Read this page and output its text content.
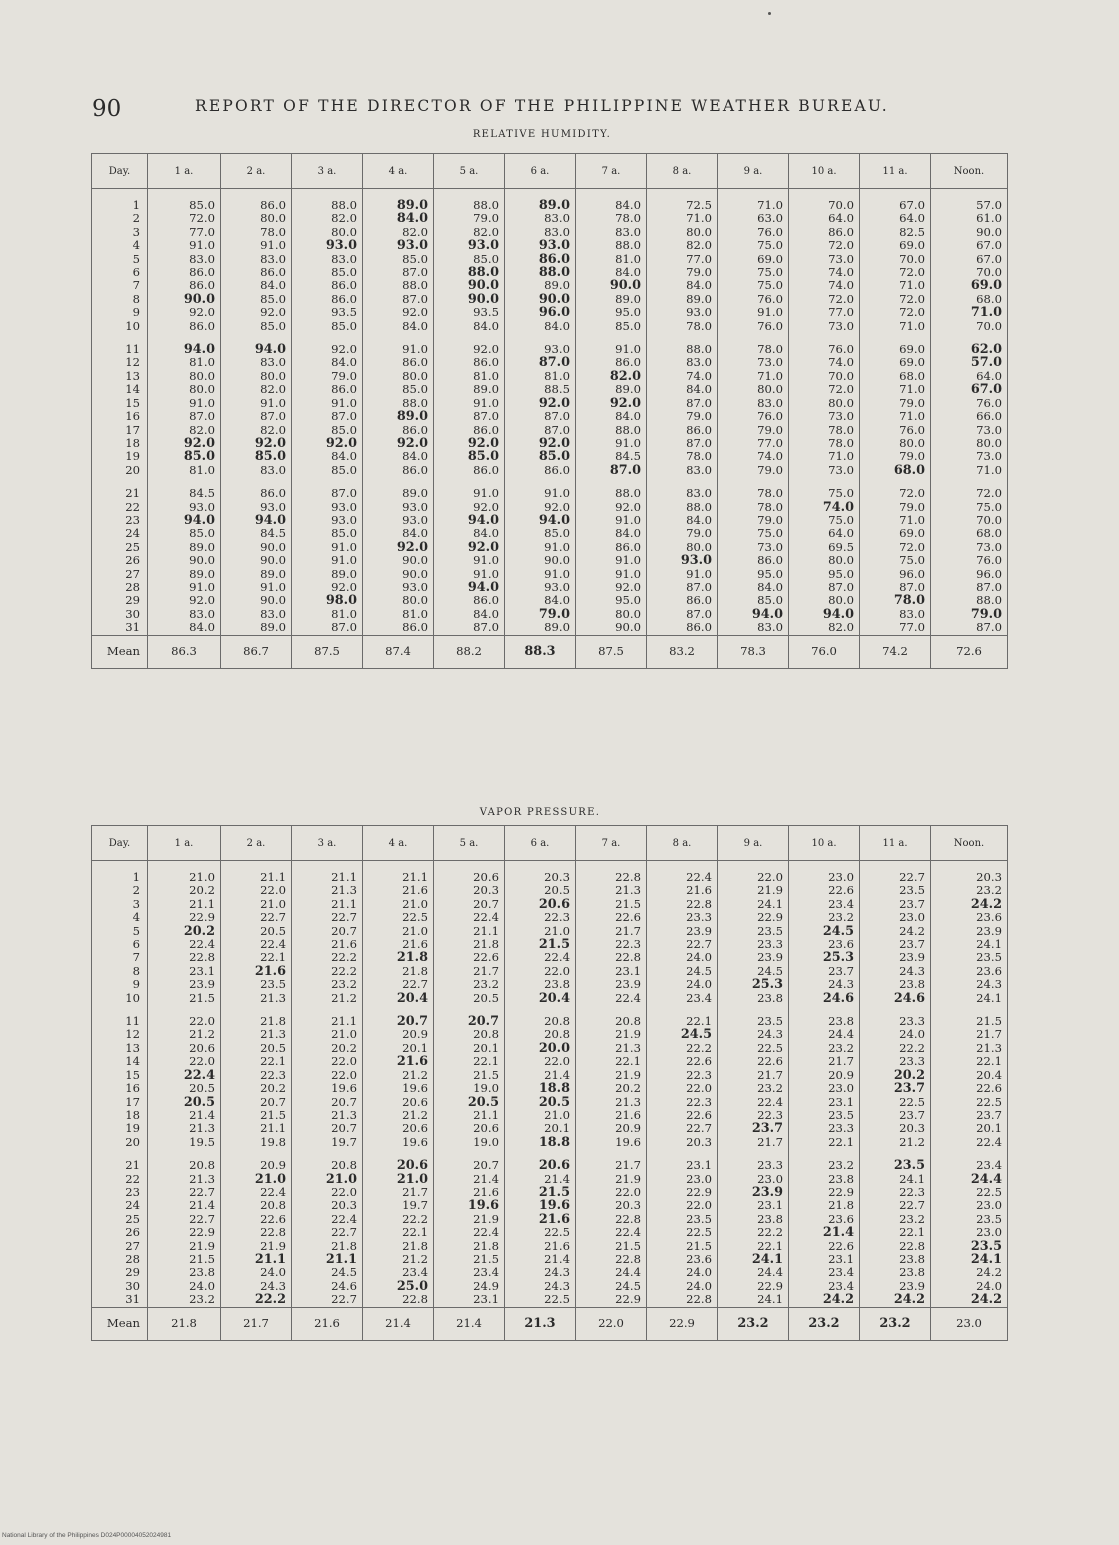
90	REPORT OF THE DIRECTOR OF THE PHILIPPINE WEATHER BUREAU.
RELATIVE HUMIDITY.
Day.	1 a.	2 a.	3 a.	4 a.	5 a.	6 a.	7 a.	8 a.	9 a.	10 a.	11 a.	Noon.
1	85.0	86.0	88.0	89.0	88.0	89.0	84.0	72.5	71.0	70.0	67.0	57.0
2	72.0	80.0	82.0	84.0	79.0	83.0	78.0	71.0	63.0	64.0	64.0	61.0
3	77.0	78.0	80.0	82.0	82.0	83.0	83.0	80.0	76.0	86.0	82.5	90.0
4	91.0	91.0	93.0	93.0	93.0	93.0	88.0	82.0	75.0	72.0	69.0	67.0
5	83.0	83.0	83.0	85.0	85.0	86.0	81.0	77.0	69.0	73.0	70.0	67.0
6	86.0	86.0	85.0	87.0	88.0	88.0	84.0	79.0	75.0	74.0	72.0	70.0
7	86.0	84.0	86.0	88.0	90.0	89.0	90.0	84.0	75.0	74.0	71.0	69.0
8	90.0	85.0	86.0	87.0	90.0	90.0	89.0	89.0	76.0	72.0	72.0	68.0
9	92.0	92.0	93.5	92.0	93.5	96.0	95.0	93.0	91.0	77.0	72.0	71.0
10	86.0	85.0	85.0	84.0	84.0	84.0	85.0	78.0	76.0	73.0	71.0	70.0
11	94.0	94.0	92.0	91.0	92.0	93.0	91.0	88.0	78.0	76.0	69.0	62.0
12	81.0	83.0	84.0	86.0	86.0	87.0	86.0	83.0	73.0	74.0	69.0	57.0
13	80.0	80.0	79.0	80.0	81.0	81.0	82.0	74.0	71.0	70.0	68.0	64.0
14	80.0	82.0	86.0	85.0	89.0	88.5	89.0	84.0	80.0	72.0	71.0	67.0
15	91.0	91.0	91.0	88.0	91.0	92.0	92.0	87.0	83.0	80.0	79.0	76.0
16	87.0	87.0	87.0	89.0	87.0	87.0	84.0	79.0	76.0	73.0	71.0	66.0
17	82.0	82.0	85.0	86.0	86.0	87.0	88.0	86.0	79.0	78.0	76.0	73.0
18	92.0	92.0	92.0	92.0	92.0	92.0	91.0	87.0	77.0	78.0	80.0	80.0
19	85.0	85.0	84.0	84.0	85.0	85.0	84.5	78.0	74.0	71.0	79.0	73.0
20	81.0	83.0	85.0	86.0	86.0	86.0	87.0	83.0	79.0	73.0	68.0	71.0
21	84.5	86.0	87.0	89.0	91.0	91.0	88.0	83.0	78.0	75.0	72.0	72.0
22	93.0	93.0	93.0	93.0	92.0	92.0	92.0	88.0	78.0	74.0	79.0	75.0
23	94.0	94.0	93.0	93.0	94.0	94.0	91.0	84.0	79.0	75.0	71.0	70.0
24	85.0	84.5	85.0	84.0	84.0	85.0	84.0	79.0	75.0	64.0	69.0	68.0
25	89.0	90.0	91.0	92.0	92.0	91.0	86.0	80.0	73.0	69.5	72.0	73.0
26	90.0	90.0	91.0	90.0	91.0	90.0	91.0	93.0	86.0	80.0	75.0	76.0
27	89.0	89.0	89.0	90.0	91.0	91.0	91.0	91.0	95.0	95.0	96.0	96.0
28	91.0	91.0	92.0	93.0	94.0	93.0	92.0	87.0	84.0	87.0	87.0	87.0
29	92.0	90.0	98.0	80.0	86.0	84.0	95.0	86.0	85.0	80.0	78.0	88.0
30	83.0	83.0	81.0	81.0	84.0	79.0	80.0	87.0	94.0	94.0	83.0	79.0
31	84.0	89.0	87.0	86.0	87.0	89.0	90.0	86.0	83.0	82.0	77.0	87.0
Mean	86.3	86.7	87.5	87.4	88.2	88.3	87.5	83.2	78.3	76.0	74.2	72.6
VAPOR PRESSURE.
Day.	1 a.	2 a.	3 a.	4 a.	5 a.	6 a.	7 a.	8 a.	9 a.	10 a.	11 a.	Noon.
1	21.0	21.1	21.1	21.1	20.6	20.3	22.8	22.4	22.0	23.0	22.7	20.3
2	20.2	22.0	21.3	21.6	20.3	20.5	21.3	21.6	21.9	22.6	23.5	23.2
3	21.1	21.0	21.1	21.0	20.7	20.6	21.5	22.8	24.1	23.4	23.7	24.2
4	22.9	22.7	22.7	22.5	22.4	22.3	22.6	23.3	22.9	23.2	23.0	23.6
5	20.2	20.5	20.7	21.0	21.1	21.0	21.7	23.9	23.5	24.5	24.2	23.9
6	22.4	22.4	21.6	21.6	21.8	21.5	22.3	22.7	23.3	23.6	23.7	24.1
7	22.8	22.1	22.2	21.8	22.6	22.4	22.8	24.0	23.9	25.3	23.9	23.5
8	23.1	21.6	22.2	21.8	21.7	22.0	23.1	24.5	24.5	23.7	24.3	23.6
9	23.9	23.5	23.2	22.7	23.2	23.8	23.9	24.0	25.3	24.3	23.8	24.3
10	21.5	21.3	21.2	20.4	20.5	20.4	22.4	23.4	23.8	24.6	24.6	24.1
11	22.0	21.8	21.1	20.7	20.7	20.8	20.8	22.1	23.5	23.8	23.3	21.5
12	21.2	21.3	21.0	20.9	20.8	20.8	21.9	24.5	24.3	24.4	24.0	21.7
13	20.6	20.5	20.2	20.1	20.1	20.0	21.3	22.2	22.5	23.2	22.2	21.3
14	22.0	22.1	22.0	21.6	22.1	22.0	22.1	22.6	22.6	21.7	23.3	22.1
15	22.4	22.3	22.0	21.2	21.5	21.4	21.9	22.3	21.7	20.9	20.2	20.4
16	20.5	20.2	19.6	19.6	19.0	18.8	20.2	22.0	23.2	23.0	23.7	22.6
17	20.5	20.7	20.7	20.6	20.5	20.5	21.3	22.3	22.4	23.1	22.5	22.5
18	21.4	21.5	21.3	21.2	21.1	21.0	21.6	22.6	22.3	23.5	23.7	23.7
19	21.3	21.1	20.7	20.6	20.6	20.1	20.9	22.7	23.7	23.3	20.3	20.1
20	19.5	19.8	19.7	19.6	19.0	18.8	19.6	20.3	21.7	22.1	21.2	22.4
21	20.8	20.9	20.8	20.6	20.7	20.6	21.7	23.1	23.3	23.2	23.5	23.4
22	21.3	21.0	21.0	21.0	21.4	21.4	21.9	23.0	23.0	23.8	24.1	24.4
23	22.7	22.4	22.0	21.7	21.6	21.5	22.0	22.9	23.9	22.9	22.3	22.5
24	21.4	20.8	20.3	19.7	19.6	19.6	20.3	22.0	23.1	21.8	22.7	23.0
25	22.7	22.6	22.4	22.2	21.9	21.6	22.8	23.5	23.8	23.6	23.2	23.5
26	22.9	22.8	22.7	22.1	22.4	22.5	22.4	22.5	22.2	21.4	22.1	23.0
27	21.9	21.9	21.8	21.8	21.8	21.6	21.5	21.5	22.1	22.6	22.8	23.5
28	21.5	21.1	21.1	21.2	21.5	21.4	22.8	23.6	24.1	23.1	23.8	24.1
29	23.8	24.0	24.5	23.4	23.4	24.3	24.4	24.0	24.4	23.4	23.8	24.2
30	24.0	24.3	24.6	25.0	24.9	24.3	24.5	24.0	22.9	23.4	23.9	24.0
31	23.2	22.2	22.7	22.8	23.1	22.5	22.9	22.8	24.1	24.2	24.2	24.2
Mean	21.8	21.7	21.6	21.4	21.4	21.3	22.0	22.9	23.2	23.2	23.2	23.0
National Library of the Philippines D024P00004052024981
